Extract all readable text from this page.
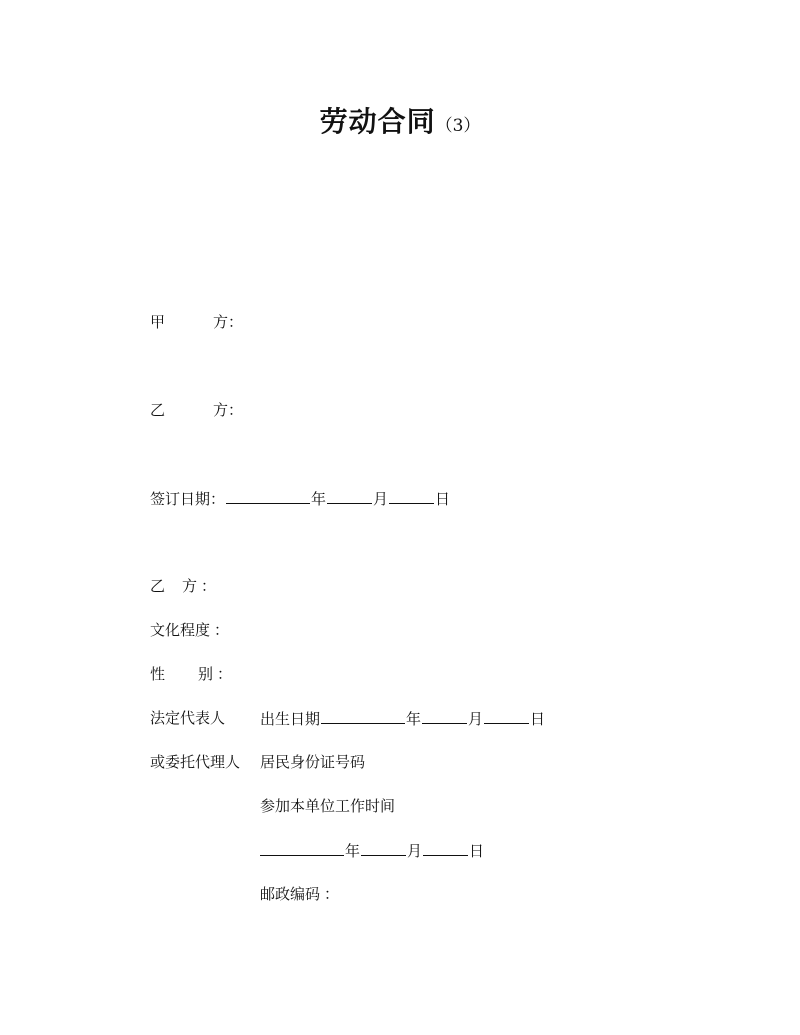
劳动合同（3）
甲	方：
乙	方：
签订日期：	年	月	日
乙 方 ：
文化程度 ：
性 别 ：
法定代表人 出生日期	年	月	日
或委托代理人 居民身份证号码
参加本单位工作时间
年	月	日
邮政编码 ：
